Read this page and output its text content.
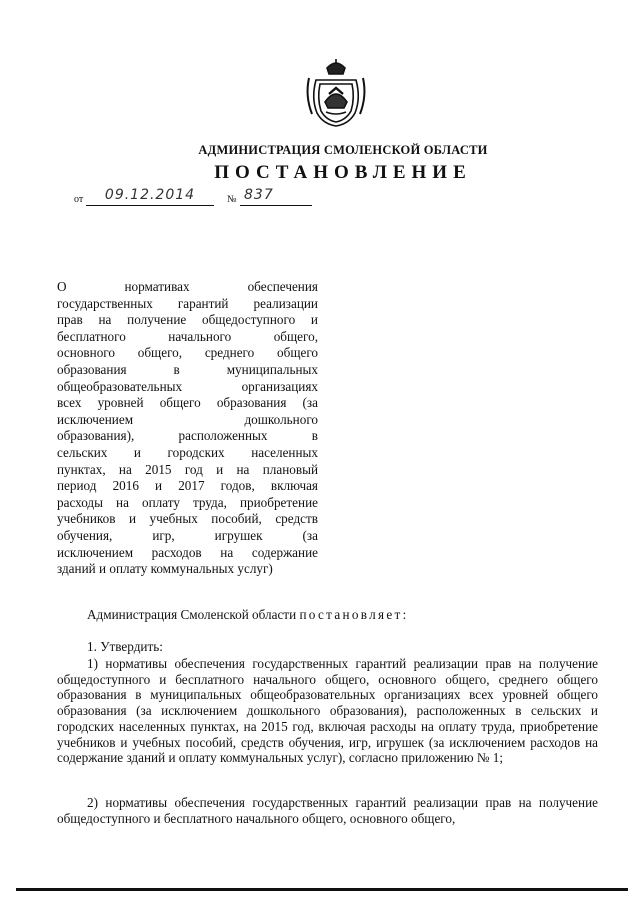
АДМИНИСТРАЦИЯ СМОЛЕНСКОЙ ОБЛАСТИ
ПОСТАНОВЛЕНИЕ
от	09.12.2014	№ 837
О нормативах обеспечения
государственных гарантий реализации
прав на получение общедоступного и
бесплатного начального общего,
основного общего, среднего общего
образования в муниципальных
общеобразовательных организациях
всех уровней общего образования (за
исключением дошкольного
образования), расположенных в
сельских и городских населенных
пунктах, на 2015 год и на плановый
период 2016 и 2017 годов, включая
расходы на оплату труда, приобретение
учебников и учебных пособий, средств
обучения, игр, игрушек (за
исключением расходов на содержание
зданий и оплату коммунальных услуг)
Администрация Смоленской области постановляет:
1. Утвердить:
1) нормативы обеспечения государственных гарантий реализации прав на получение общедоступного и бесплатного начального общего, основного общего, среднего общего образования в муниципальных общеобразовательных организациях всех уровней общего образования (за исключением дошкольного образования), расположенных в сельских и городских населенных пунктах, на 2015 год, включая расходы на оплату труда, приобретение учебников и учебных пособий, средств обучения, игр, игрушек (за исключением расходов на содержание зданий и оплату коммунальных услуг), согласно приложению № 1;
2) нормативы обеспечения государственных гарантий реализации прав на получение общедоступного и бесплатного начального общего, основного общего,
